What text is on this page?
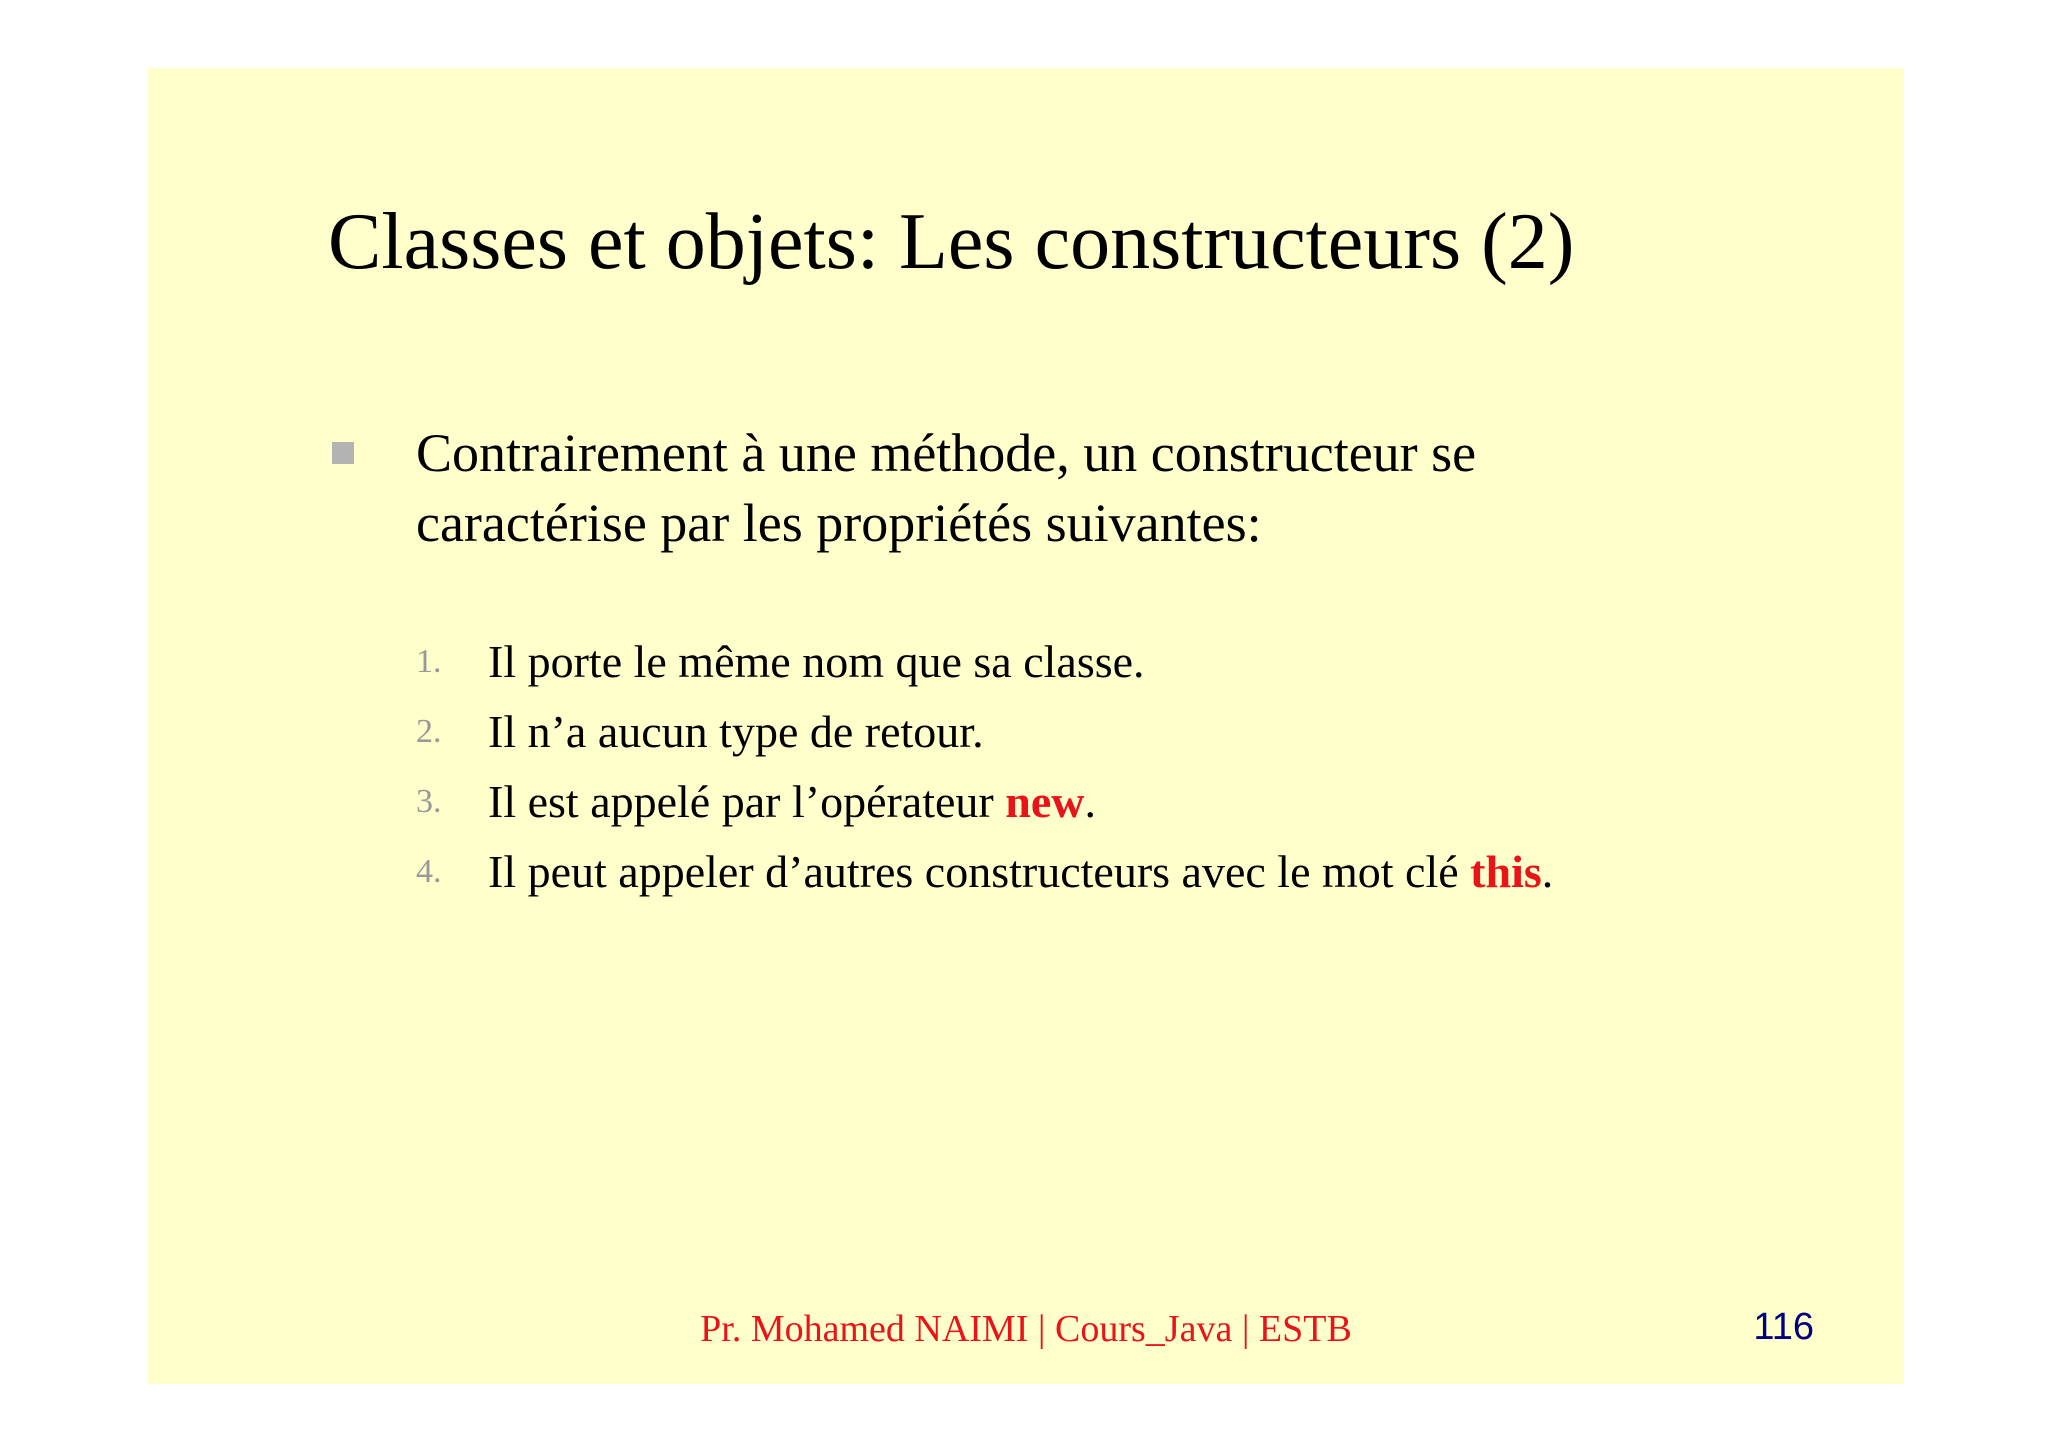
Classes et objets: Les constructeurs (2)

Contrairement à une méthode, un constructeur se caractérise par les propriétés suivantes:

1. Il porte le même nom que sa classe.
2. Il n’a aucun type de retour.
3. Il est appelé par l’opérateur new.
4. Il peut appeler d’autres constructeurs avec le mot clé this.
Pr. Mohamed NAIMI | Cours_Java | ESTB	116
